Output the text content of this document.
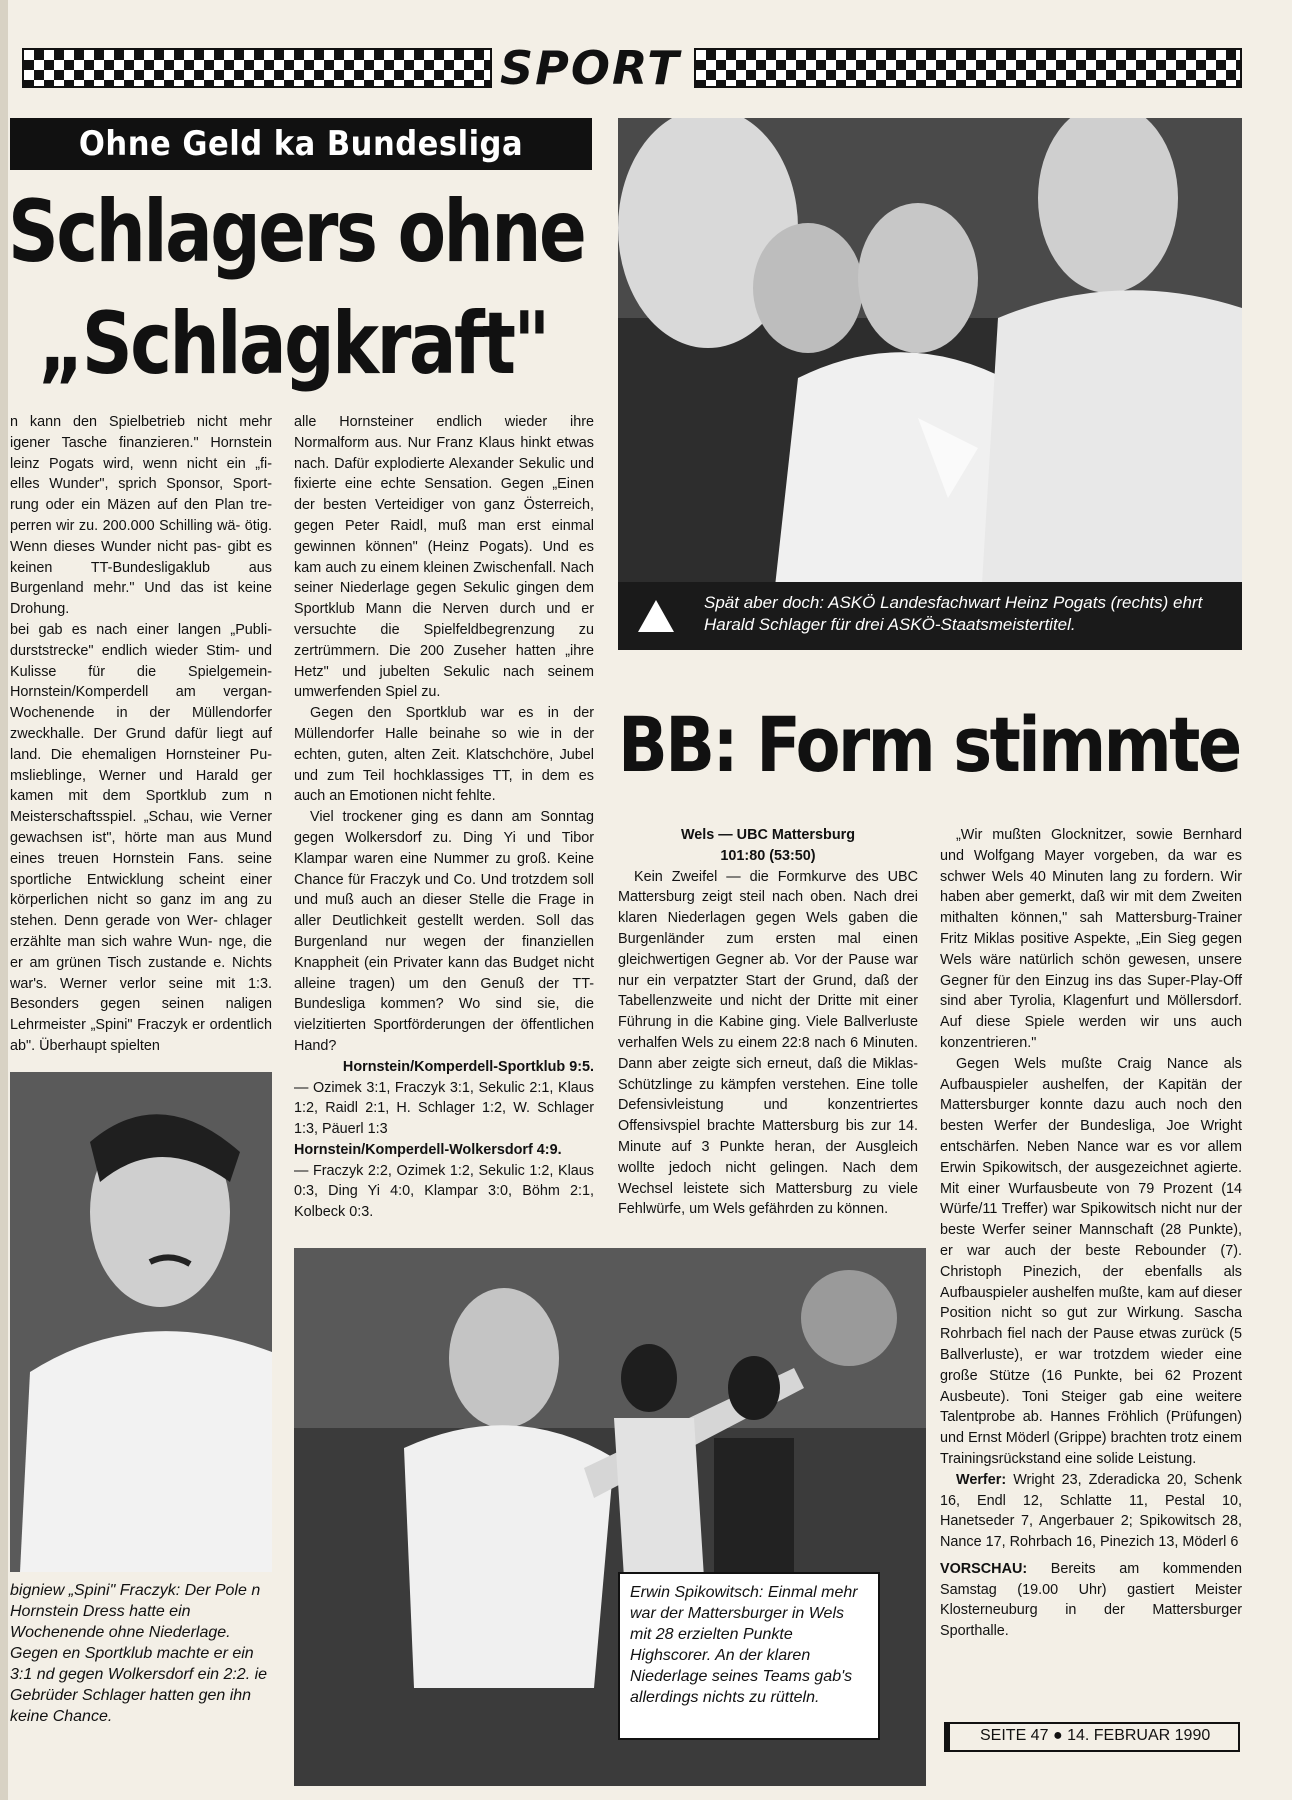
SPORT
Ohne Geld ka Bundesliga
Schlagers ohne
„Schlagkraft"

n kann den Spielbetrieb nicht mehr igener Tasche finanzieren." Hornstein leinz Pogats wird, wenn nicht ein „fi- elles Wunder", sprich Sponsor, Sport- rung oder ein Mäzen auf den Plan tre- perren wir zu. 200.000 Schilling wä- ötig. Wenn dieses Wunder nicht pas- gibt es keinen TT-Bundesligaklub aus Burgenland mehr." Und das ist keine Drohung.

bei gab es nach einer langen „Publi- durststrecke" endlich wieder Stim- und Kulisse für die Spielgemein- Hornstein/Komperdell am vergan- Wochenende in der Müllendorfer zweckhalle. Der Grund dafür liegt auf land. Die ehemaligen Hornsteiner Pu- mslieblinge, Werner und Harald ger kamen mit dem Sportklub zum n Meisterschaftsspiel. „Schau, wie Verner gewachsen ist", hörte man aus Mund eines treuen Hornstein Fans. seine sportliche Entwicklung scheint einer körperlichen nicht so ganz im ang zu stehen. Denn gerade von Wer- chlager erzählte man sich wahre Wun- nge, die er am grünen Tisch zustande e. Nichts war's. Werner verlor seine mit 1:3. Besonders gegen seinen naligen Lehrmeister „Spini" Fraczyk er ordentlich ab". Überhaupt spielten

alle Hornsteiner endlich wieder ihre Normalform aus. Nur Franz Klaus hinkt etwas nach. Dafür explodierte Alexander Sekulic und fixierte eine echte Sensation. Gegen „Einen der besten Verteidiger von ganz Österreich, gegen Peter Raidl, muß man erst einmal gewinnen können" (Heinz Pogats). Und es kam auch zu einem kleinen Zwischenfall. Nach seiner Niederlage gegen Sekulic gingen dem Sportklub Mann die Nerven durch und er versuchte die Spielfeldbegrenzung zu zertrümmern. Die 200 Zuseher hatten „ihre Hetz" und jubelten Sekulic nach seinem umwerfenden Spiel zu.

Gegen den Sportklub war es in der Müllendorfer Halle beinahe so wie in der echten, guten, alten Zeit. Klatschchöre, Jubel und zum Teil hochklassiges TT, in dem es auch an Emotionen nicht fehlte.

Viel trockener ging es dann am Sonntag gegen Wolkersdorf zu. Ding Yi und Tibor Klampar waren eine Nummer zu groß. Keine Chance für Fraczyk und Co. Und trotzdem soll und muß auch an dieser Stelle die Frage in aller Deutlichkeit gestellt werden. Soll das Burgenland nur wegen der finanziellen Knappheit (ein Privater kann das Budget nicht alleine tragen) um den Genuß der TT-Bundesliga kommen? Wo sind sie, die vielzitierten Sportförderungen der öffentlichen Hand?

Hornstein/Komperdell-Sportklub 9:5.

— Ozimek 3:1, Fraczyk 3:1, Sekulic 2:1, Klaus 1:2, Raidl 2:1, H. Schlager 1:2, W. Schlager 1:3, Päuerl 1:3

Hornstein/Komperdell-Wolkersdorf 4:9.

— Fraczyk 2:2, Ozimek 1:2, Sekulic 1:2, Klaus 0:3, Ding Yi 4:0, Klampar 3:0, Böhm 2:1, Kolbeck 0:3.

Spät aber doch: ASKÖ Landesfachwart Heinz Pogats (rechts) ehrt Harald Schlager für drei ASKÖ-Staatsmeistertitel.
BB: Form stimmte

Wels — UBC Mattersburg

101:80 (53:50)

Kein Zweifel — die Formkurve des UBC Mattersburg zeigt steil nach oben. Nach drei klaren Niederlagen gegen Wels gaben die Burgenländer zum ersten mal einen gleichwertigen Gegner ab. Vor der Pause war nur ein verpatzter Start der Grund, daß der Tabellenzweite und nicht der Dritte mit einer Führung in die Kabine ging. Viele Ballverluste verhalfen Wels zu einem 22:8 nach 6 Minuten. Dann aber zeigte sich erneut, daß die Miklas-Schützlinge zu kämpfen verstehen. Eine tolle Defensivleistung und konzentriertes Offensivspiel brachte Mattersburg bis zur 14. Minute auf 3 Punkte heran, der Ausgleich wollte jedoch nicht gelingen. Nach dem Wechsel leistete sich Mattersburg zu viele Fehlwürfe, um Wels gefährden zu können.

„Wir mußten Glocknitzer, sowie Bernhard und Wolfgang Mayer vorgeben, da war es schwer Wels 40 Minuten lang zu fordern. Wir haben aber gemerkt, daß wir mit dem Zweiten mithalten können," sah Mattersburg-Trainer Fritz Miklas positive Aspekte, „Ein Sieg gegen Wels wäre natürlich schön gewesen, unsere Gegner für den Einzug ins das Super-Play-Off sind aber Tyrolia, Klagenfurt und Möllersdorf. Auf diese Spiele werden wir uns auch konzentrieren."

Gegen Wels mußte Craig Nance als Aufbauspieler aushelfen, der Kapitän der Mattersburger konnte dazu auch noch den besten Werfer der Bundesliga, Joe Wright entschärfen. Neben Nance war es vor allem Erwin Spikowitsch, der ausgezeichnet agierte. Mit einer Wurfausbeute von 79 Prozent (14 Würfe/11 Treffer) war Spikowitsch nicht nur der beste Werfer seiner Mannschaft (28 Punkte), er war auch der beste Rebounder (7). Christoph Pinezich, der ebenfalls als Aufbauspieler aushelfen mußte, kam auf dieser Position nicht so gut zur Wirkung. Sascha Rohrbach fiel nach der Pause etwas zurück (5 Ballverluste), er war trotzdem wieder eine große Stütze (16 Punkte, bei 62 Prozent Ausbeute). Toni Steiger gab eine weitere Talentprobe ab. Hannes Fröhlich (Prüfungen) und Ernst Möderl (Grippe) brachten trotz einem Trainingsrückstand eine solide Leistung.

Werfer: Wright 23, Zderadicka 20, Schenk 16, Endl 12, Schlatte 11, Pestal 10, Hanetseder 7, Angerbauer 2; Spikowitsch 28, Nance 17, Rohrbach 16, Pinezich 13, Möderl 6

VORSCHAU: Bereits am kommenden Samstag (19.00 Uhr) gastiert Meister Klosterneuburg in der Mattersburger Sporthalle.

bigniew „Spini" Fraczyk: Der Pole n Hornstein Dress hatte ein Wochenende ohne Niederlage. Gegen en Sportklub machte er ein 3:1 nd gegen Wolkersdorf ein 2:2. ie Gebrüder Schlager hatten gen ihn keine Chance.
Erwin Spikowitsch: Einmal mehr war der Mattersburger in Wels mit 28 erzielten Punkte Highscorer. An der klaren Niederlage seines Teams gab's allerdings nichts zu rütteln.
SEITE 47 ● 14. FEBRUAR 1990
